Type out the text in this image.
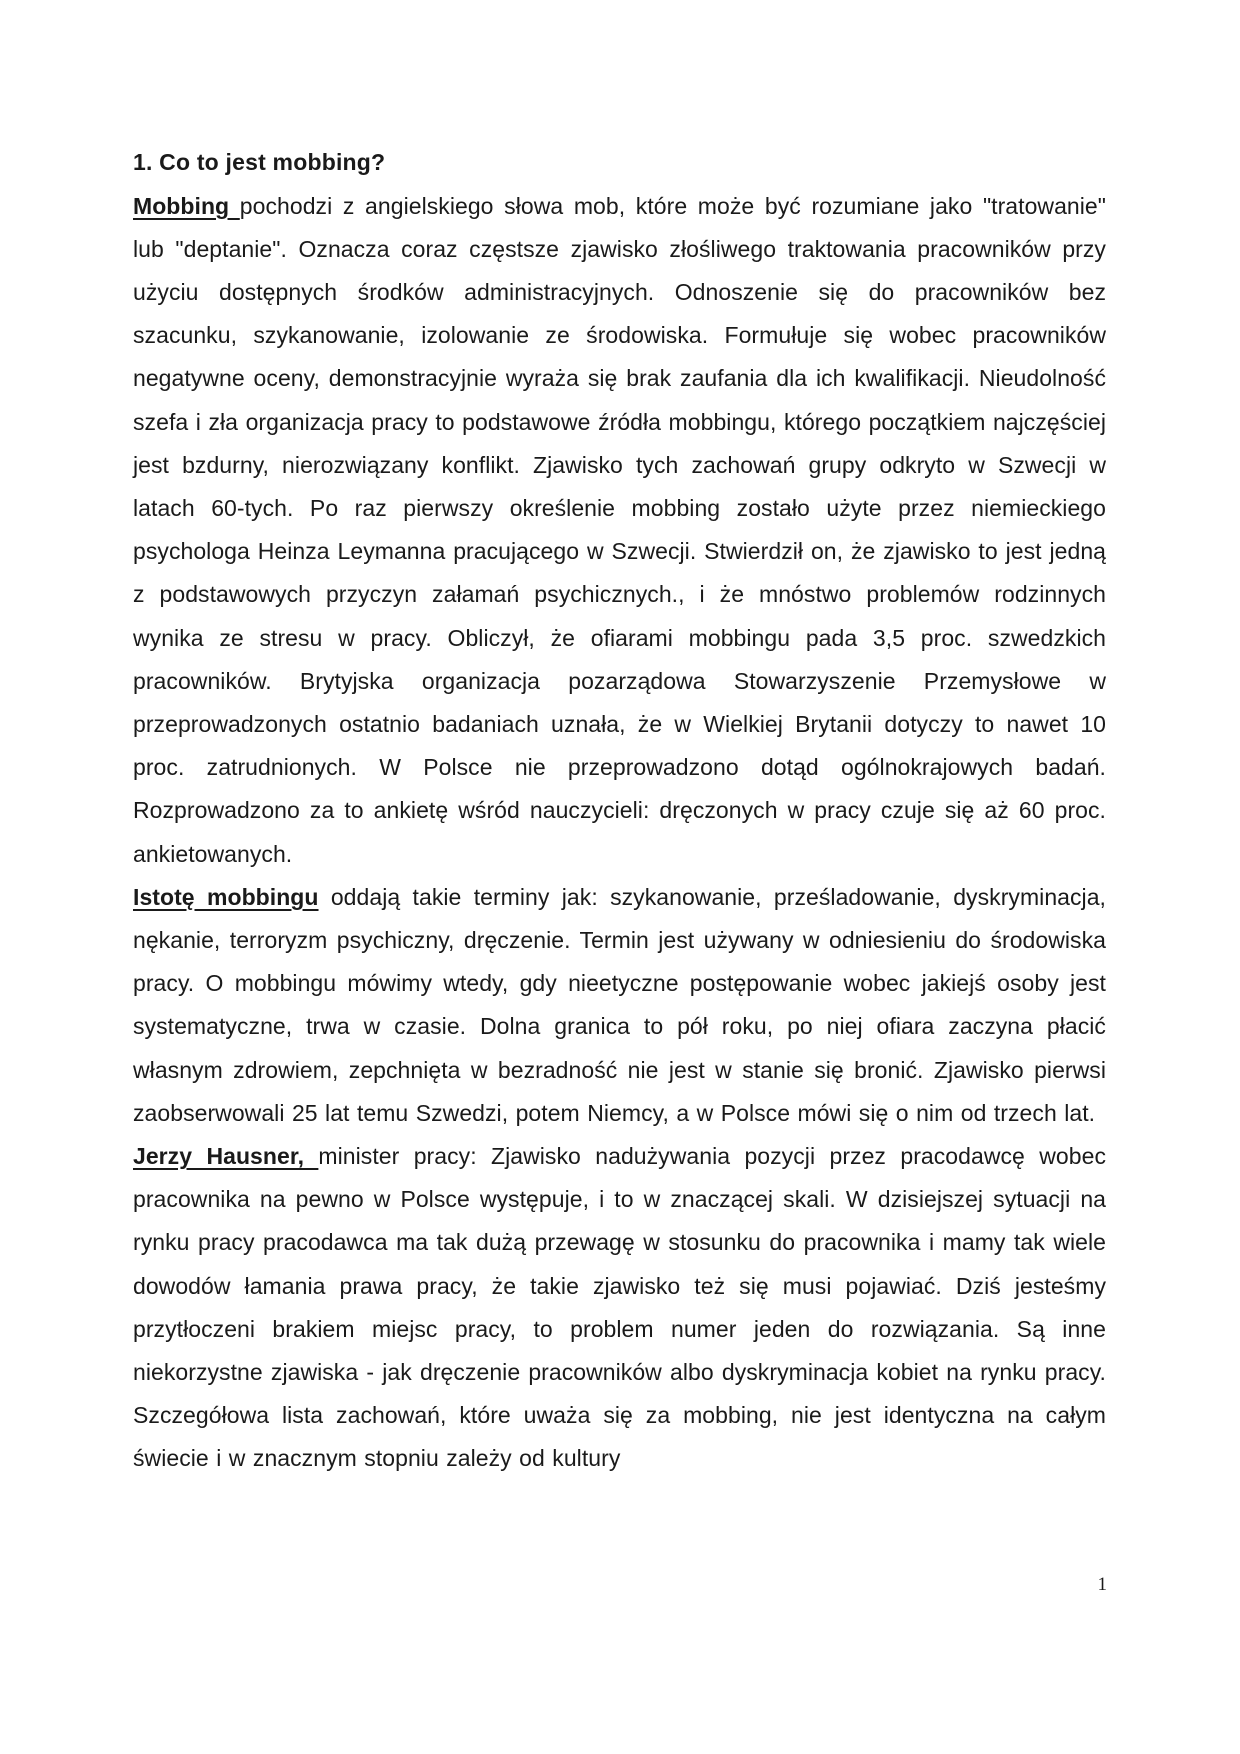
1. Co to jest mobbing?

Mobbing pochodzi z angielskiego słowa mob, które może być rozumiane jako "tratowanie" lub "deptanie". Oznacza coraz częstsze zjawisko złośliwego traktowania pracowników przy użyciu dostępnych środków administracyjnych. Odnoszenie się do pracowników bez szacunku, szykanowanie, izolowanie ze środowiska. Formułuje się wobec pracowników negatywne oceny, demonstracyjnie wyraża się brak zaufania dla ich kwalifikacji. Nieudolność szefa i zła organizacja pracy to podstawowe źródła mobbingu, którego początkiem najczęściej jest bzdurny, nierozwiązany konflikt. Zjawisko tych zachowań grupy odkryto w Szwecji w latach 60-tych. Po raz pierwszy określenie mobbing zostało użyte przez niemieckiego psychologa Heinza Leymanna pracującego w Szwecji. Stwierdził on, że zjawisko to jest jedną z podstawowych przyczyn załamań psychicznych., i że mnóstwo problemów rodzinnych wynika ze stresu w pracy. Obliczył, że ofiarami mobbingu pada 3,5 proc. szwedzkich pracowników. Brytyjska organizacja pozarządowa Stowarzyszenie Przemysłowe w przeprowadzonych ostatnio badaniach uznała, że w Wielkiej Brytanii dotyczy to nawet 10 proc. zatrudnionych. W Polsce nie przeprowadzono dotąd ogólnokrajowych badań. Rozprowadzono za to ankietę wśród nauczycieli: dręczonych w pracy czuje się aż 60 proc. ankietowanych.

Istotę mobbingu oddają takie terminy jak: szykanowanie, prześladowanie, dyskryminacja, nękanie, terroryzm psychiczny, dręczenie. Termin jest używany w odniesieniu do środowiska pracy. O mobbingu mówimy wtedy, gdy nieetyczne postępowanie wobec jakiejś osoby jest systematyczne, trwa w czasie. Dolna granica to pół roku, po niej ofiara zaczyna płacić własnym zdrowiem, zepchnięta w bezradność nie jest w stanie się bronić. Zjawisko pierwsi zaobserwowali 25 lat temu Szwedzi, potem Niemcy, a w Polsce mówi się o nim od trzech lat.

Jerzy Hausner, minister pracy: Zjawisko nadużywania pozycji przez pracodawcę wobec pracownika na pewno w Polsce występuje, i to w znaczącej skali. W dzisiejszej sytuacji na rynku pracy pracodawca ma tak dużą przewagę w stosunku do pracownika i mamy tak wiele dowodów łamania prawa pracy, że takie zjawisko też się musi pojawiać. Dziś jesteśmy przytłoczeni brakiem miejsc pracy, to problem numer jeden do rozwiązania. Są inne niekorzystne zjawiska - jak dręczenie pracowników albo dyskryminacja kobiet na rynku pracy. Szczegółowa lista zachowań, które uważa się za mobbing, nie jest identyczna na całym świecie i w znacznym stopniu zależy od kultury

1
